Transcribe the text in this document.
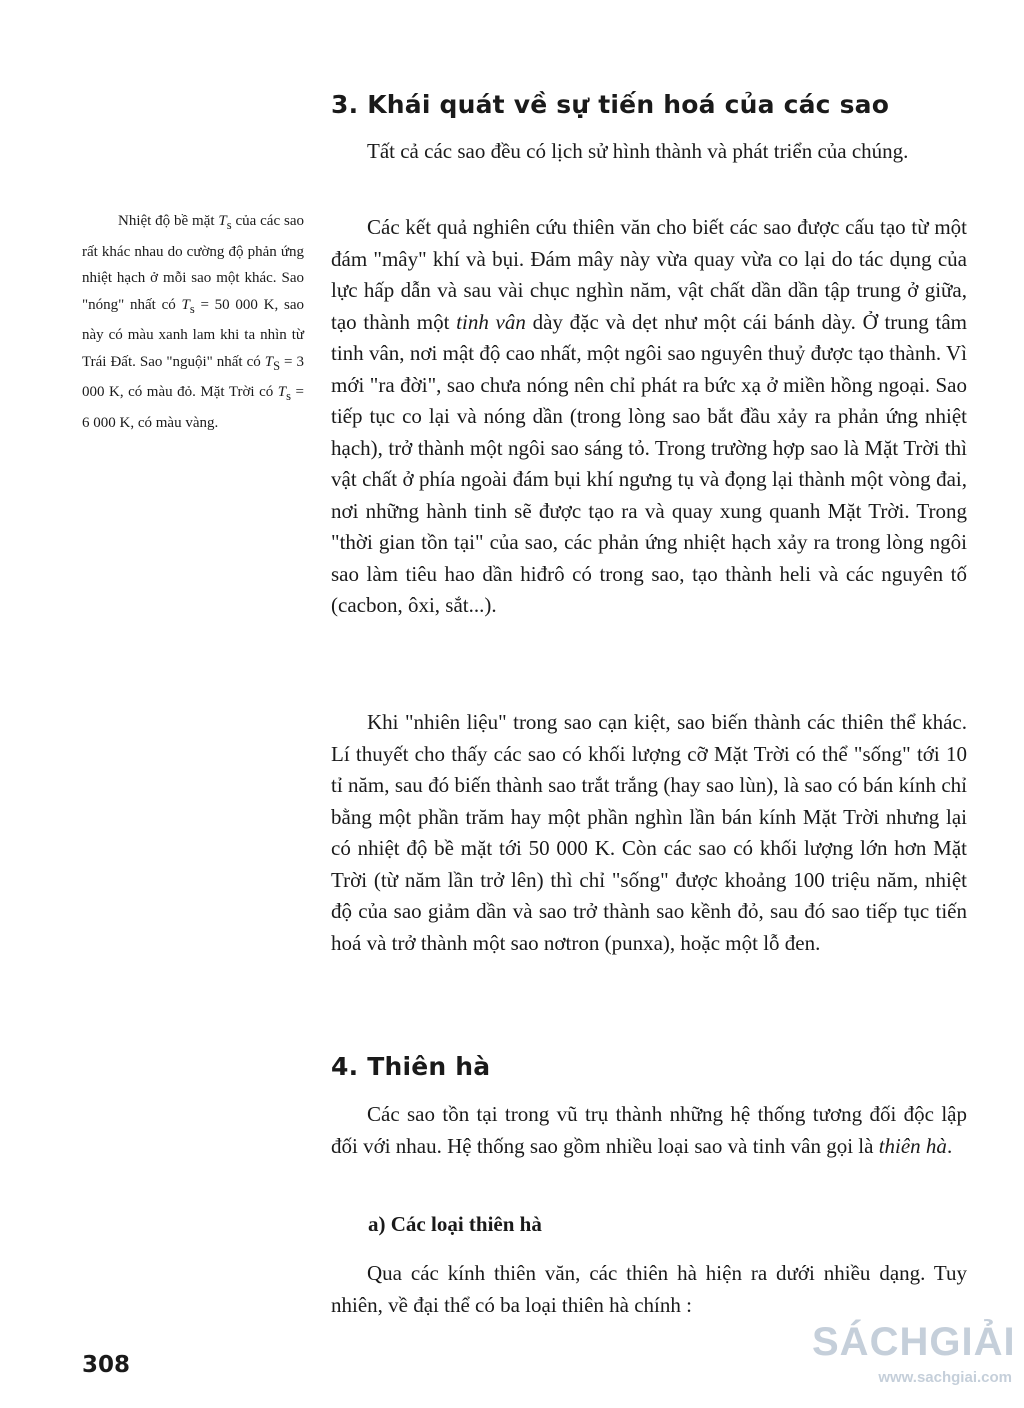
3. Khái quát về sự tiến hoá của các sao

Tất cả các sao đều có lịch sử hình thành và phát triển của chúng.

Các kết quả nghiên cứu thiên văn cho biết các sao được cấu tạo từ một đám "mây" khí và bụi. Đám mây này vừa quay vừa co lại do tác dụng của lực hấp dẫn và sau vài chục nghìn năm, vật chất dần dần tập trung ở giữa, tạo thành một tinh vân dày đặc và dẹt như một cái bánh dày. Ở trung tâm tinh vân, nơi mật độ cao nhất, một ngôi sao nguyên thuỷ được tạo thành. Vì mới "ra đời", sao chưa nóng nên chỉ phát ra bức xạ ở miền hồng ngoại. Sao tiếp tục co lại và nóng dần (trong lòng sao bắt đầu xảy ra phản ứng nhiệt hạch), trở thành một ngôi sao sáng tỏ. Trong trường hợp sao là Mặt Trời thì vật chất ở phía ngoài đám bụi khí ngưng tụ và đọng lại thành một vòng đai, nơi những hành tinh sẽ được tạo ra và quay xung quanh Mặt Trời. Trong "thời gian tồn tại" của sao, các phản ứng nhiệt hạch xảy ra trong lòng ngôi sao làm tiêu hao dần hiđrô có trong sao, tạo thành heli và các nguyên tố (cacbon, ôxi, sắt...).

Khi "nhiên liệu" trong sao cạn kiệt, sao biến thành các thiên thể khác. Lí thuyết cho thấy các sao có khối lượng cỡ Mặt Trời có thể "sống" tới 10 tỉ năm, sau đó biến thành sao trắt trắng (hay sao lùn), là sao có bán kính chỉ bằng một phần trăm hay một phần nghìn lần bán kính Mặt Trời nhưng lại có nhiệt độ bề mặt tới 50 000 K. Còn các sao có khối lượng lớn hơn Mặt Trời (từ năm lần trở lên) thì chỉ "sống" được khoảng 100 triệu năm, nhiệt độ của sao giảm dần và sao trở thành sao kềnh đỏ, sau đó sao tiếp tục tiến hoá và trở thành một sao nơtron (punxa), hoặc một lỗ đen.

Nhiệt độ bề mặt $T_s$ của các sao rất khác nhau do cường độ phản ứng nhiệt hạch ở mỗi sao một khác. Sao "nóng" nhất có $T_s = 50$ 000 K, sao này có màu xanh lam khi ta nhìn từ Trái Đất. Sao "nguội" nhất có $T_S = 3$ 000 K, có màu đỏ. Mặt Trời có $T_s = 6$ 000 K, có màu vàng.

4. Thiên hà

Các sao tồn tại trong vũ trụ thành những hệ thống tương đối độc lập đối với nhau. Hệ thống sao gồm nhiều loại sao và tinh vân gọi là thiên hà.

a) Các loại thiên hà

Qua các kính thiên văn, các thiên hà hiện ra dưới nhiều dạng. Tuy nhiên, về đại thể có ba loại thiên hà chính :

308
SÁCHGIẢI
www.sachgiai.com
